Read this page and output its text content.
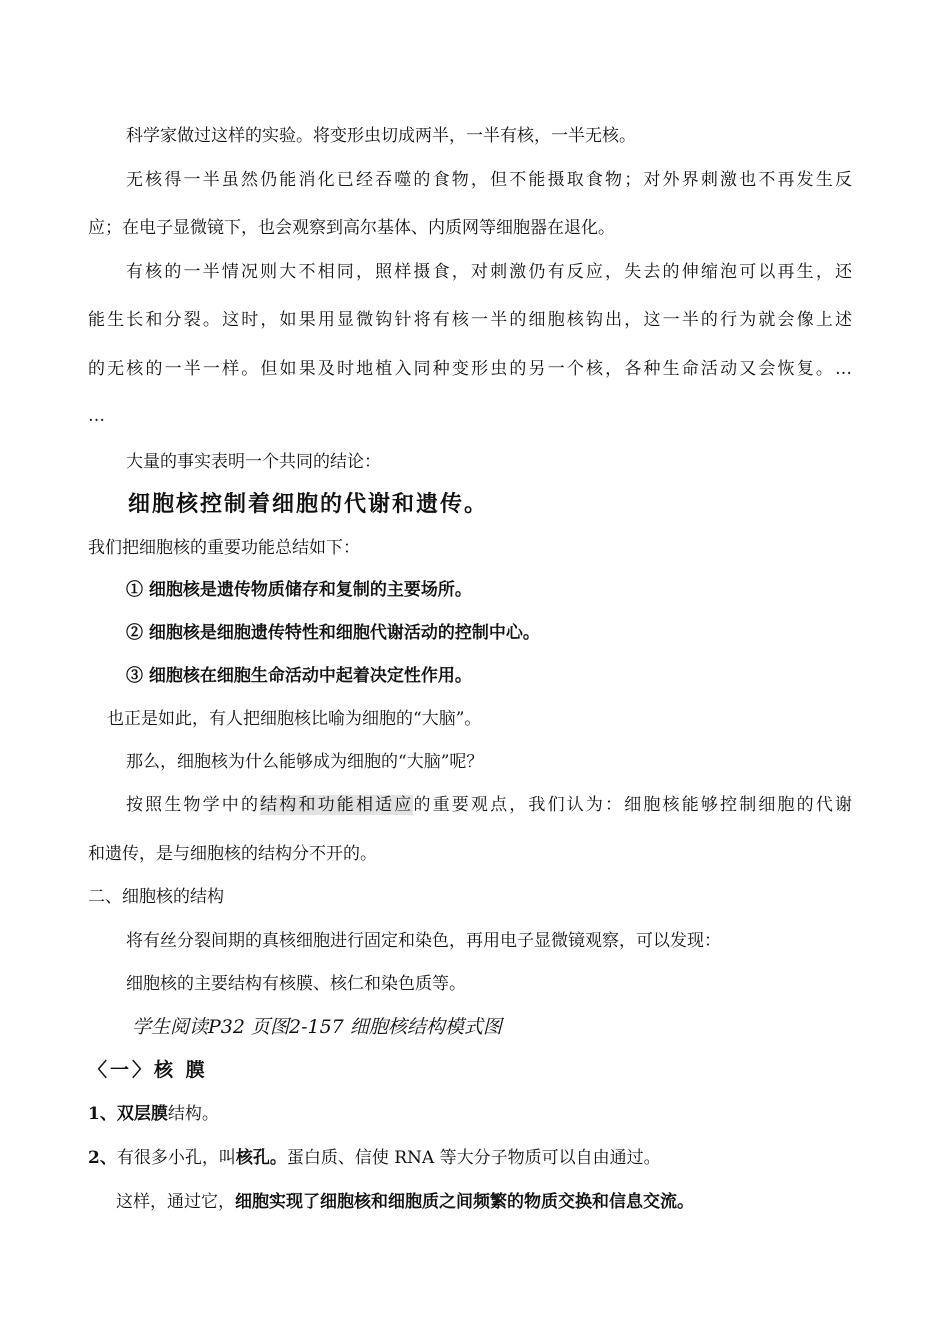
科学家做过这样的实验。将变形虫切成两半，一半有核，一半无核。
无核得一半虽然仍能消化已经吞噬的食物，但不能摄取食物；对外界刺激也不再发生反
应；在电子显微镜下，也会观察到高尔基体、内质网等细胞器在退化。
有核的一半情况则大不相同，照样摄食，对刺激仍有反应，失去的伸缩泡可以再生，还
能生长和分裂。这时，如果用显微钩针将有核一半的细胞核钩出，这一半的行为就会像上述
的无核的一半一样。但如果及时地植入同种变形虫的另一个核，各种生命活动又会恢复。…
…
大量的事实表明一个共同的结论：
细胞核控制着细胞的代谢和遗传。
我们把细胞核的重要功能总结如下：
① 细胞核是遗传物质储存和复制的主要场所。
② 细胞核是细胞遗传特性和细胞代谢活动的控制中心。
③ 细胞核在细胞生命活动中起着决定性作用。
也正是如此，有人把细胞核比喻为细胞的“大脑”。
那么，细胞核为什么能够成为细胞的“大脑”呢？
按照生物学中的结构和功能相适应的重要观点，我们认为：细胞核能够控制细胞的代谢
和遗传，是与细胞核的结构分不开的。
二、细胞核的结构
将有丝分裂间期的真核细胞进行固定和染色，再用电子显微镜观察，可以发现：
细胞核的主要结构有核膜、核仁和染色质等。
学生阅读P32 页图2-157 细胞核结构模式图
〈一〉核 膜
1、双层膜结构。
2、有很多小孔，叫核孔。蛋白质、信使 RNA 等大分子物质可以自由通过。
这样，通过它，细胞实现了细胞核和细胞质之间频繁的物质交换和信息交流。
